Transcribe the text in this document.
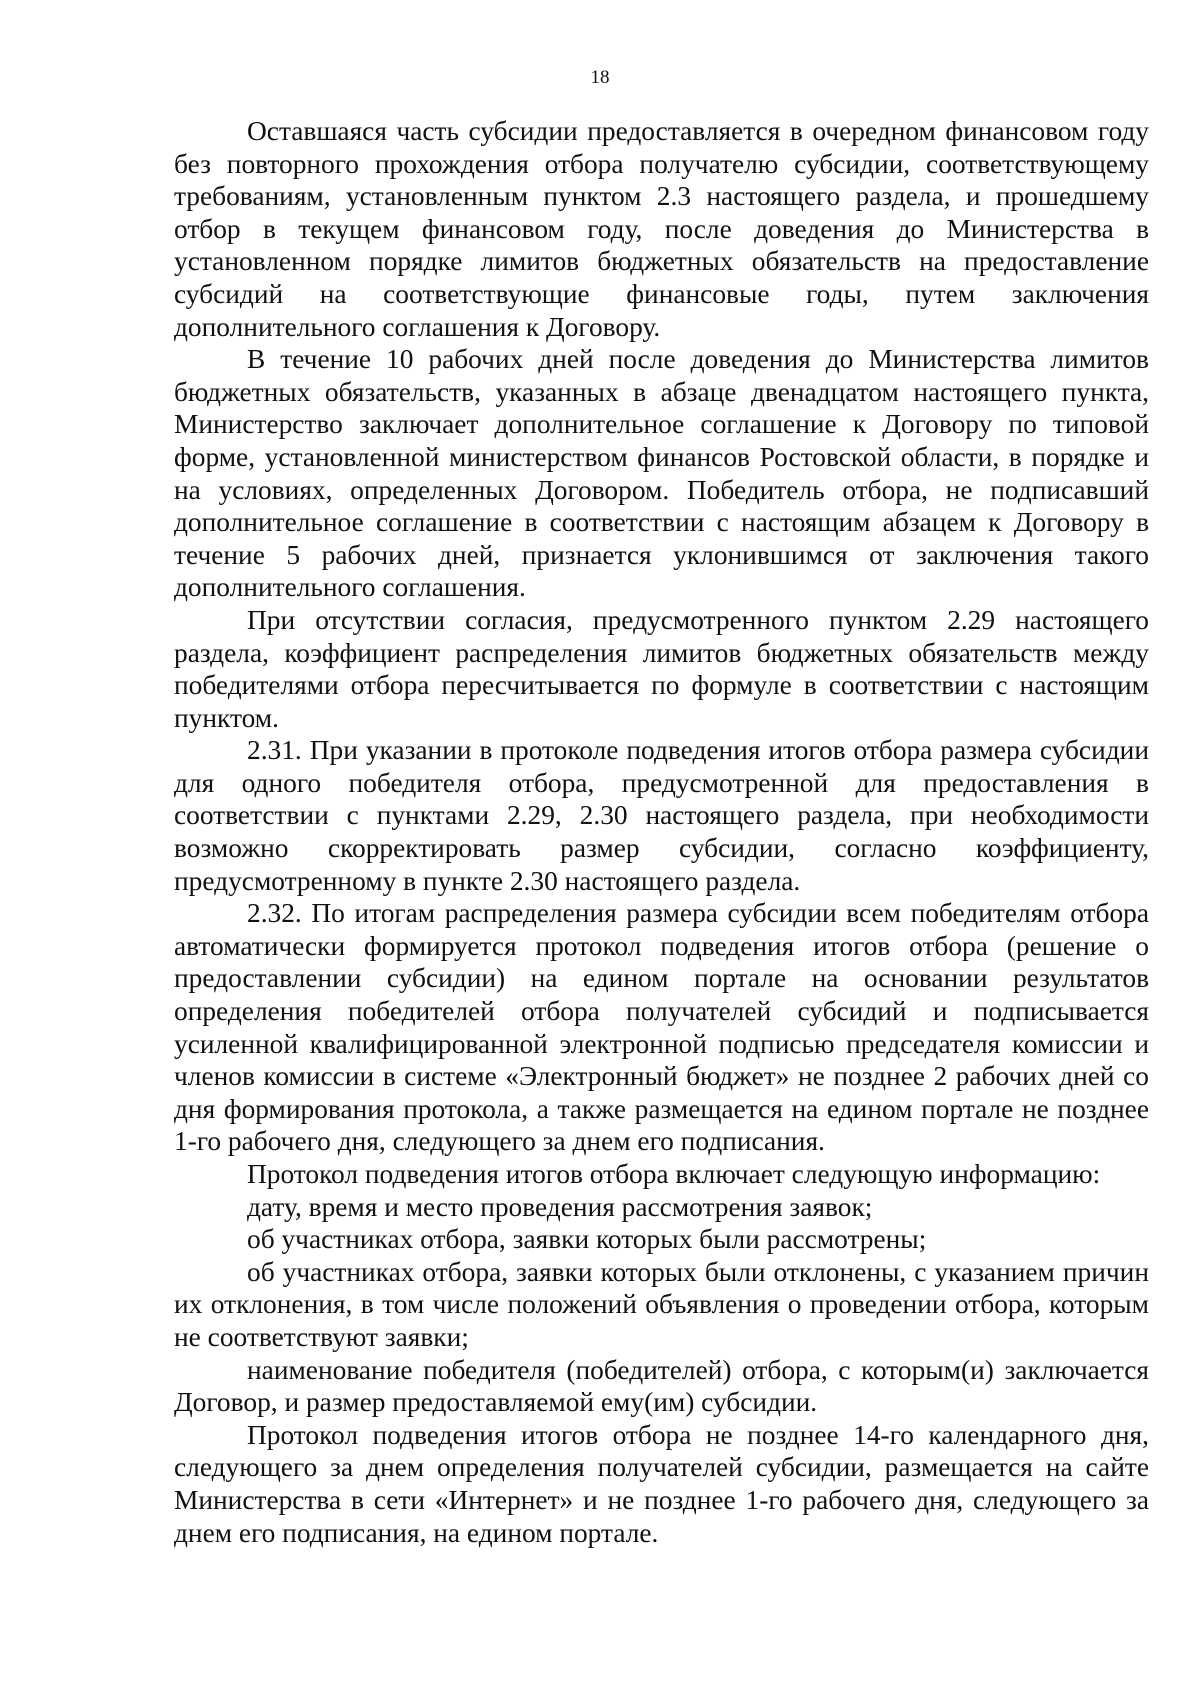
18

Оставшаяся часть субсидии предоставляется в очередном финансовом году без повторного прохождения отбора получателю субсидии, соответствующему требованиям, установленным пунктом 2.3 настоящего раздела, и прошедшему отбор в текущем финансовом году, после доведения до Министерства в установленном порядке лимитов бюджетных обязательств на предоставление субсидий на соответствующие финансовые годы, путем заключения дополнительного соглашения к Договору.

В течение 10 рабочих дней после доведения до Министерства лимитов бюджетных обязательств, указанных в абзаце двенадцатом настоящего пункта, Министерство заключает дополнительное соглашение к Договору по типовой форме, установленной министерством финансов Ростовской области, в порядке и на условиях, определенных Договором. Победитель отбора, не подписавший дополнительное соглашение в соответствии с настоящим абзацем к Договору в течение 5 рабочих дней, признается уклонившимся от заключения такого дополнительного соглашения.

При отсутствии согласия, предусмотренного пунктом 2.29 настоящего раздела, коэффициент распределения лимитов бюджетных обязательств между победителями отбора пересчитывается по формуле в соответствии с настоящим пунктом.

2.31. При указании в протоколе подведения итогов отбора размера субсидии для одного победителя отбора, предусмотренной для предоставления в соответствии с пунктами 2.29, 2.30 настоящего раздела, при необходимости возможно скорректировать размер субсидии, согласно коэффициенту, предусмотренному в пункте 2.30 настоящего раздела.

2.32. По итогам распределения размера субсидии всем победителям отбора автоматически формируется протокол подведения итогов отбора (решение о предоставлении субсидии) на едином портале на основании результатов определения победителей отбора получателей субсидий и подписывается усиленной квалифицированной электронной подписью председателя комиссии и членов комиссии в системе «Электронный бюджет» не позднее 2 рабочих дней со дня формирования протокола, а также размещается на едином портале не позднее 1-го рабочего дня, следующего за днем его подписания.

Протокол подведения итогов отбора включает следующую информацию:

дату, время и место проведения рассмотрения заявок;

об участниках отбора, заявки которых были рассмотрены;

об участниках отбора, заявки которых были отклонены, с указанием причин их отклонения, в том числе положений объявления о проведении отбора, которым не соответствуют заявки;

наименование победителя (победителей) отбора, с которым(и) заключается Договор, и размер предоставляемой ему(им) субсидии.

Протокол подведения итогов отбора не позднее 14-го календарного дня, следующего за днем определения получателей субсидии, размещается на сайте Министерства в сети «Интернет» и не позднее 1-го рабочего дня, следующего за днем его подписания, на едином портале.
